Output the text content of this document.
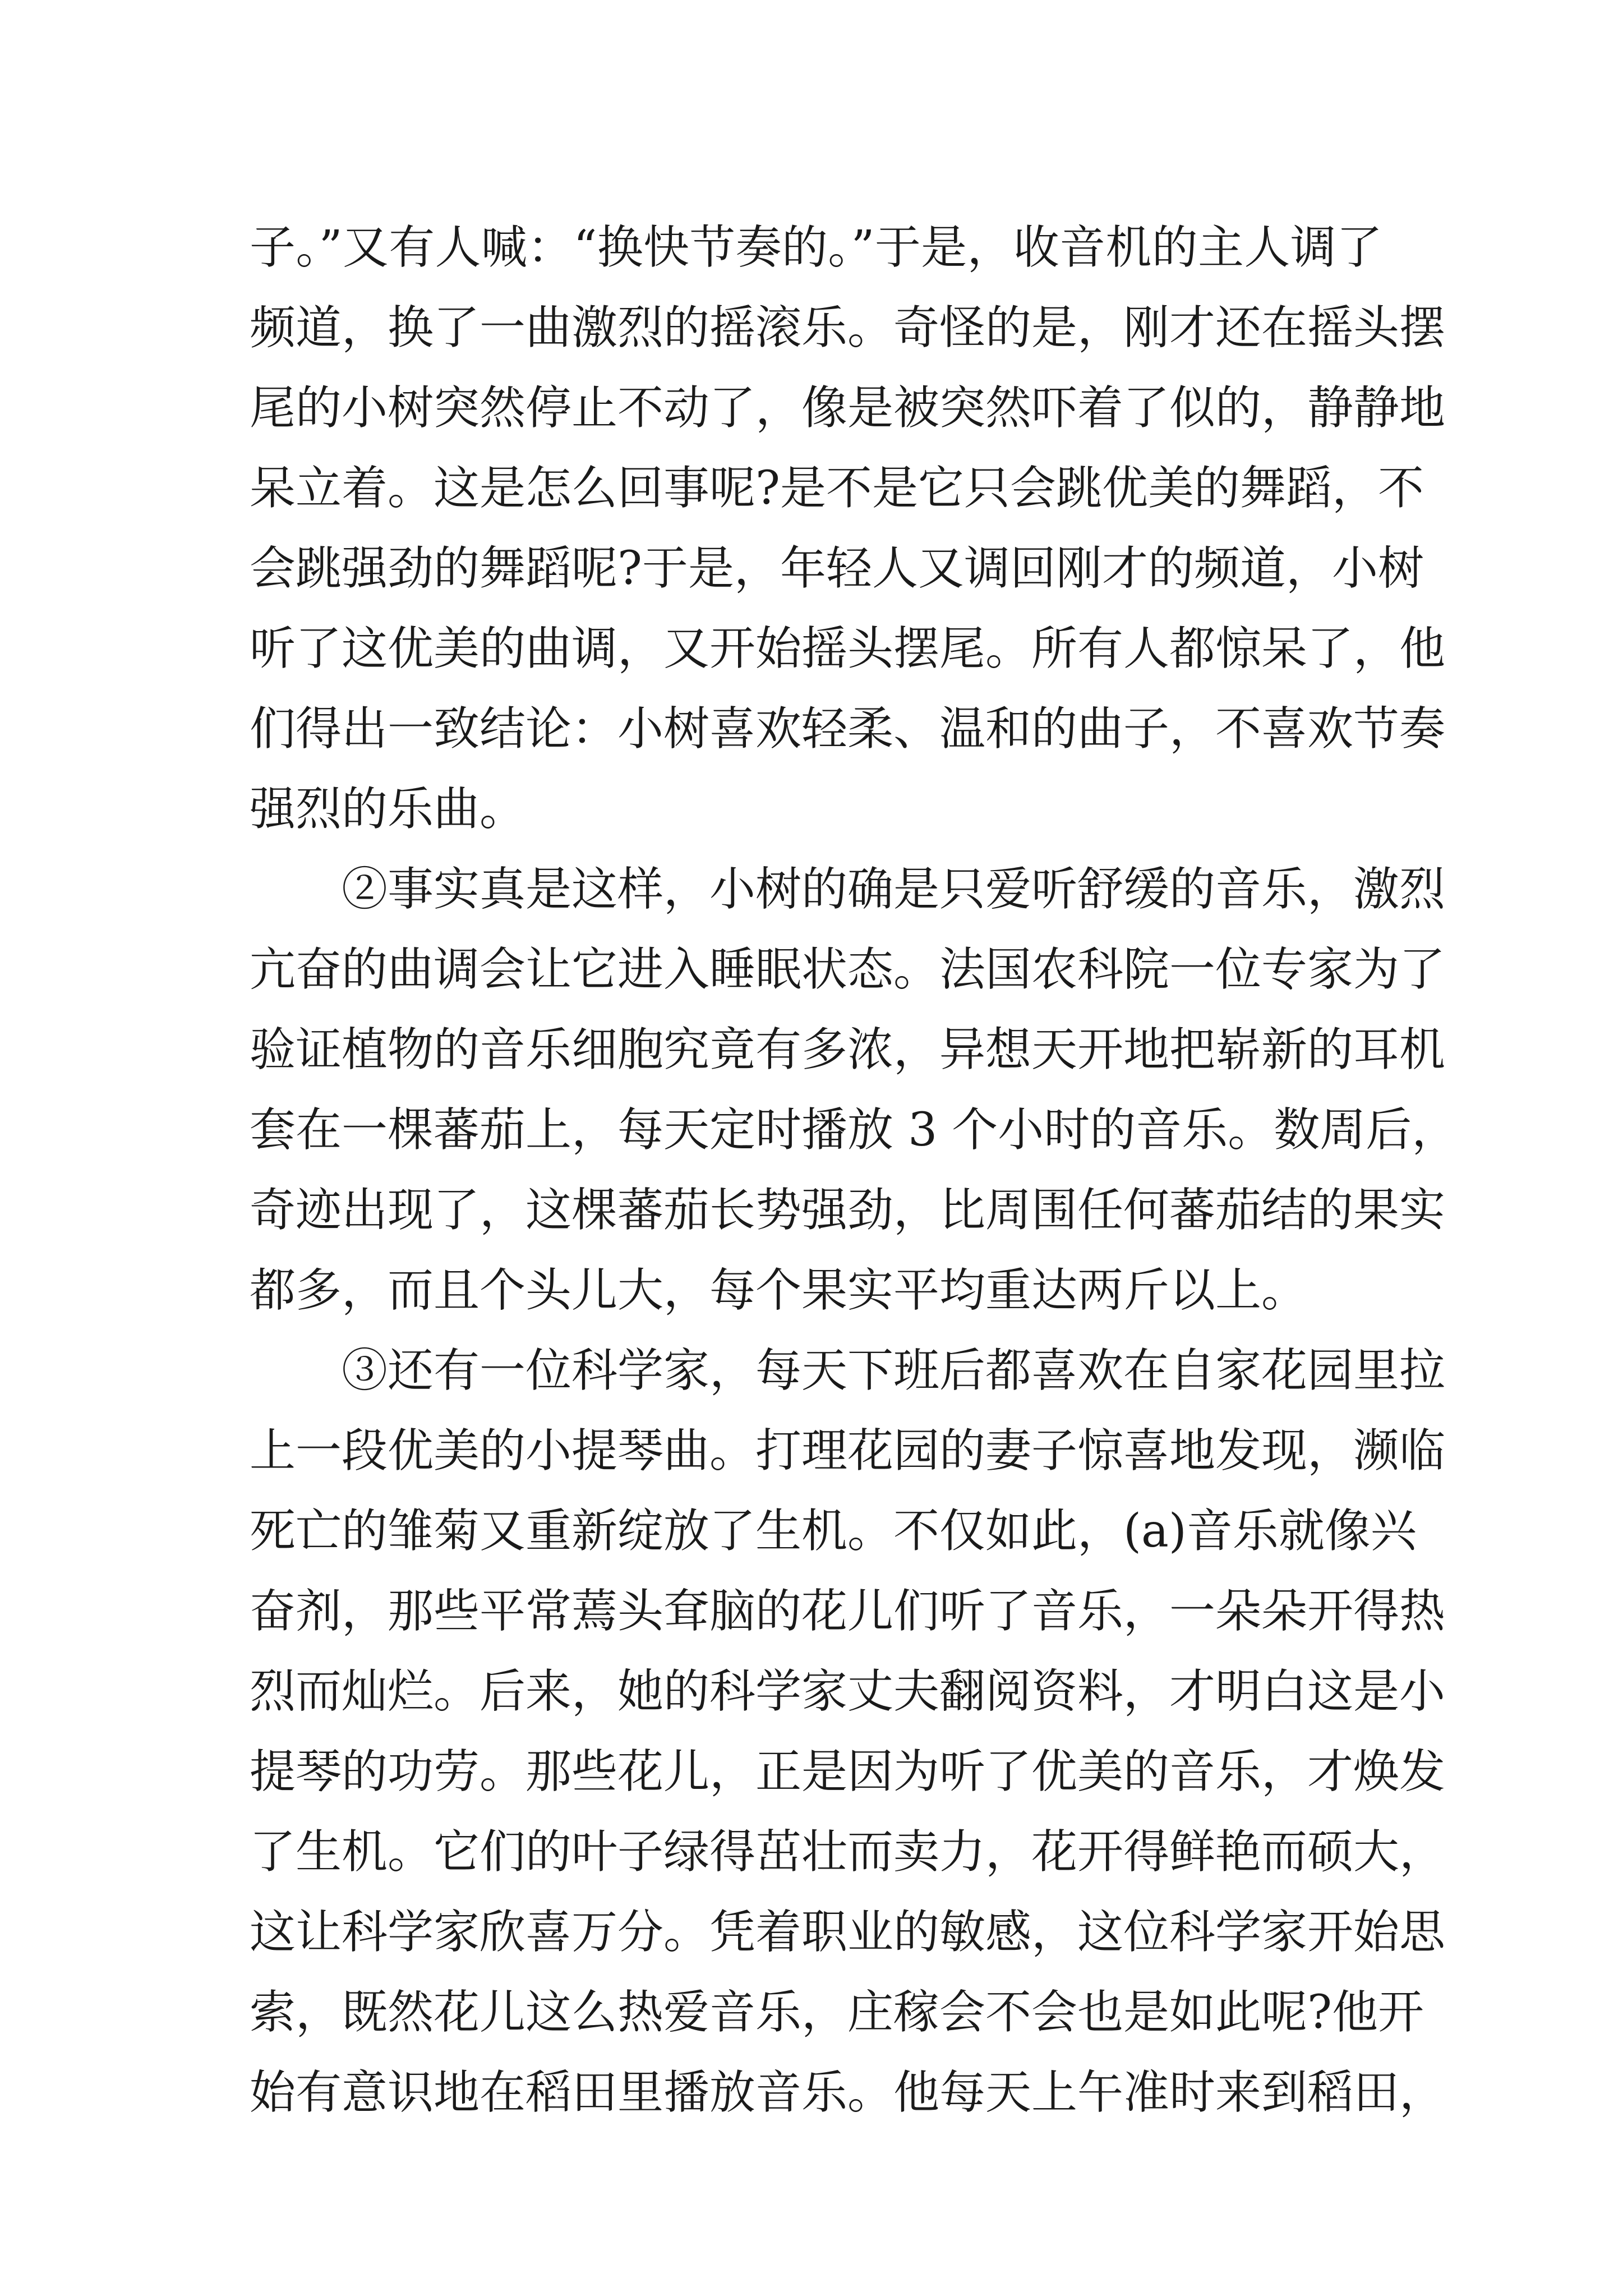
子。”又有人喊：“换快节奏的。”于是，收音机的主人调了
频道，换了一曲激烈的摇滚乐。奇怪的是，刚才还在摇头摆
尾的小树突然停止不动了，像是被突然吓着了似的，静静地
呆立着。这是怎么回事呢?是不是它只会跳优美的舞蹈，不
会跳强劲的舞蹈呢?于是，年轻人又调回刚才的频道，小树
听了这优美的曲调，又开始摇头摆尾。所有人都惊呆了，他
们得出一致结论：小树喜欢轻柔、温和的曲子，不喜欢节奏
强烈的乐曲。
②事实真是这样，小树的确是只爱听舒缓的音乐，激烈
亢奋的曲调会让它进入睡眠状态。法国农科院一位专家为了
验证植物的音乐细胞究竟有多浓，异想天开地把崭新的耳机
套在一棵蕃茄上，每天定时播放 3 个小时的音乐。数周后，
奇迹出现了，这棵蕃茄长势强劲，比周围任何蕃茄结的果实
都多，而且个头儿大，每个果实平均重达两斤以上。
③还有一位科学家，每天下班后都喜欢在自家花园里拉
上一段优美的小提琴曲。打理花园的妻子惊喜地发现，濒临
死亡的雏菊又重新绽放了生机。不仅如此，(a)音乐就像兴
奋剂，那些平常蔫头耷脑的花儿们听了音乐，一朵朵开得热
烈而灿烂。后来，她的科学家丈夫翻阅资料，才明白这是小
提琴的功劳。那些花儿，正是因为听了优美的音乐，才焕发
了生机。它们的叶子绿得茁壮而卖力，花开得鲜艳而硕大，
这让科学家欣喜万分。凭着职业的敏感，这位科学家开始思
索，既然花儿这么热爱音乐，庄稼会不会也是如此呢?他开
始有意识地在稻田里播放音乐。他每天上午准时来到稻田，
